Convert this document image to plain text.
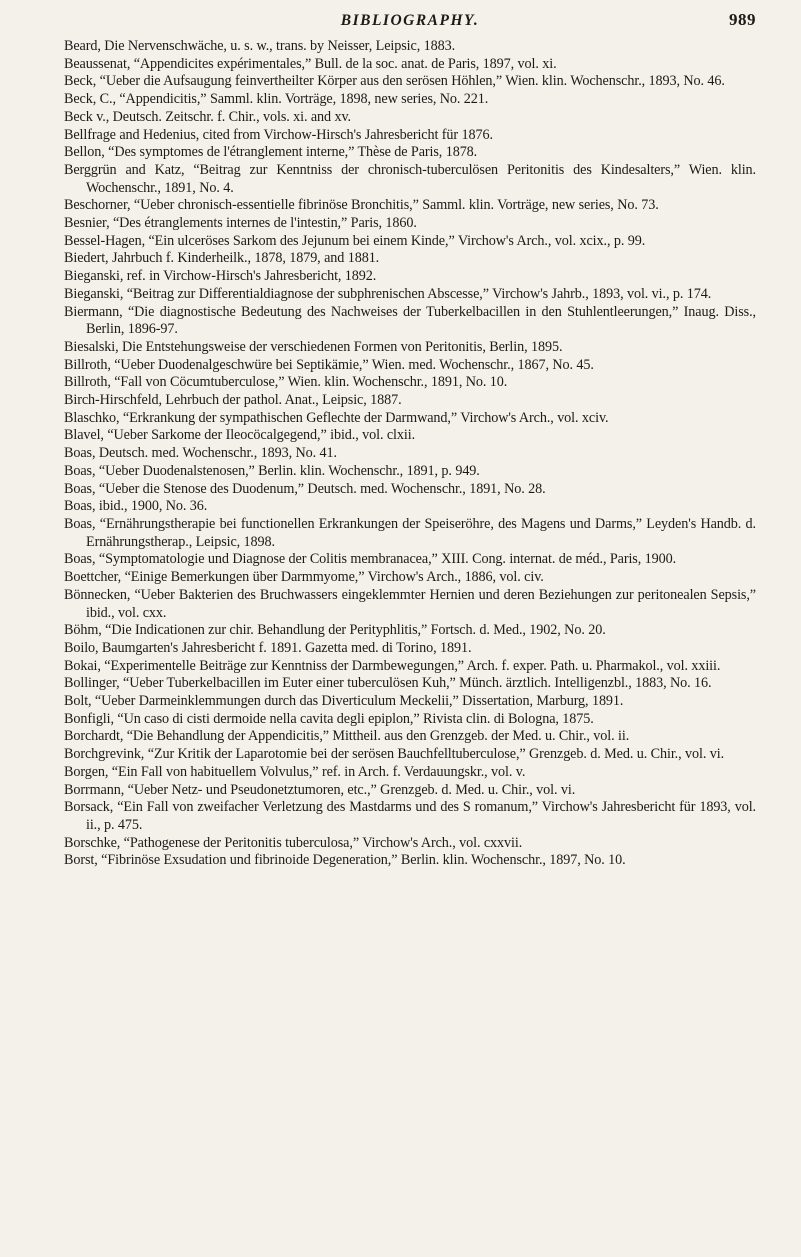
BIBLIOGRAPHY.	989
Beard, Die Nervenschwäche, u. s. w., trans. by Neisser, Leipsic, 1883.
Beaussenat, “Appendicites expérimentales,” Bull. de la soc. anat. de Paris, 1897, vol. xi.
Beck, “Ueber die Aufsaugung feinvertheilter Körper aus den serösen Höhlen,” Wien. klin. Wochenschr., 1893, No. 46.
Beck, C., “Appendicitis,” Samml. klin. Vorträge, 1898, new series, No. 221.
Beck v., Deutsch. Zeitschr. f. Chir., vols. xi. and xv.
Bellfrage and Hedenius, cited from Virchow-Hirsch's Jahresbericht für 1876.
Bellon, “Des symptomes de l'étranglement interne,” Thèse de Paris, 1878.
Berggrün and Katz, “Beitrag zur Kenntniss der chronisch-tuberculösen Peritonitis des Kindesalters,” Wien. klin. Wochenschr., 1891, No. 4.
Beschorner, “Ueber chronisch-essentielle fibrinöse Bronchitis,” Samml. klin. Vorträge, new series, No. 73.
Besnier, “Des étranglements internes de l'intestin,” Paris, 1860.
Bessel-Hagen, “Ein ulceröses Sarkom des Jejunum bei einem Kinde,” Virchow's Arch., vol. xcix., p. 99.
Biedert, Jahrbuch f. Kinderheilk., 1878, 1879, and 1881.
Bieganski, ref. in Virchow-Hirsch's Jahresbericht, 1892.
Bieganski, “Beitrag zur Differentialdiagnose der subphrenischen Abscesse,” Virchow's Jahrb., 1893, vol. vi., p. 174.
Biermann, “Die diagnostische Bedeutung des Nachweises der Tuberkelbacillen in den Stuhlentleerungen,” Inaug. Diss., Berlin, 1896-97.
Biesalski, Die Entstehungsweise der verschiedenen Formen von Peritonitis, Berlin, 1895.
Billroth, “Ueber Duodenalgeschwüre bei Septikämie,” Wien. med. Wochenschr., 1867, No. 45.
Billroth, “Fall von Cöcumtuberculose,” Wien. klin. Wochenschr., 1891, No. 10.
Birch-Hirschfeld, Lehrbuch der pathol. Anat., Leipsic, 1887.
Blaschko, “Erkrankung der sympathischen Geflechte der Darmwand,” Virchow's Arch., vol. xciv.
Blavel, “Ueber Sarkome der Ileocöcalgegend,” ibid., vol. clxii.
Boas, Deutsch. med. Wochenschr., 1893, No. 41.
Boas, “Ueber Duodenalstenosen,” Berlin. klin. Wochenschr., 1891, p. 949.
Boas, “Ueber die Stenose des Duodenum,” Deutsch. med. Wochenschr., 1891, No. 28.
Boas, ibid., 1900, No. 36.
Boas, “Ernährungstherapie bei functionellen Erkrankungen der Speiseröhre, des Magens und Darms,” Leyden's Handb. d. Ernährungstherap., Leipsic, 1898.
Boas, “Symptomatologie und Diagnose der Colitis membranacea,” XIII. Cong. internat. de méd., Paris, 1900.
Boettcher, “Einige Bemerkungen über Darmmyome,” Virchow's Arch., 1886, vol. civ.
Bönnecken, “Ueber Bakterien des Bruchwassers eingeklemmter Hernien und deren Beziehungen zur peritonealen Sepsis,” ibid., vol. cxx.
Böhm, “Die Indicationen zur chir. Behandlung der Perityphlitis,” Fortsch. d. Med., 1902, No. 20.
Boilo, Baumgarten's Jahresbericht f. 1891. Gazetta med. di Torino, 1891.
Bokai, “Experimentelle Beiträge zur Kenntniss der Darmbewegungen,” Arch. f. exper. Path. u. Pharmakol., vol. xxiii.
Bollinger, “Ueber Tuberkelbacillen im Euter einer tuberculösen Kuh,” Münch. ärztlich. Intelligenzbl., 1883, No. 16.
Bolt, “Ueber Darmeinklemmungen durch das Diverticulum Meckelii,” Dissertation, Marburg, 1891.
Bonfigli, “Un caso di cisti dermoide nella cavita degli epiplon,” Rivista clin. di Bologna, 1875.
Borchardt, “Die Behandlung der Appendicitis,” Mittheil. aus den Grenzgeb. der Med. u. Chir., vol. ii.
Borchgrevink, “Zur Kritik der Laparotomie bei der serösen Bauchfelltuberculose,” Grenzgeb. d. Med. u. Chir., vol. vi.
Borgen, “Ein Fall von habituellem Volvulus,” ref. in Arch. f. Verdauungskr., vol. v.
Borrmann, “Ueber Netz- und Pseudonetztumoren, etc.,” Grenzgeb. d. Med. u. Chir., vol. vi.
Borsack, “Ein Fall von zweifacher Verletzung des Mastdarms und des S romanum,” Virchow's Jahresbericht für 1893, vol. ii., p. 475.
Borschke, “Pathogenese der Peritonitis tuberculosa,” Virchow's Arch., vol. cxxvii.
Borst, “Fibrinöse Exsudation und fibrinoide Degeneration,” Berlin. klin. Wochenschr., 1897, No. 10.
